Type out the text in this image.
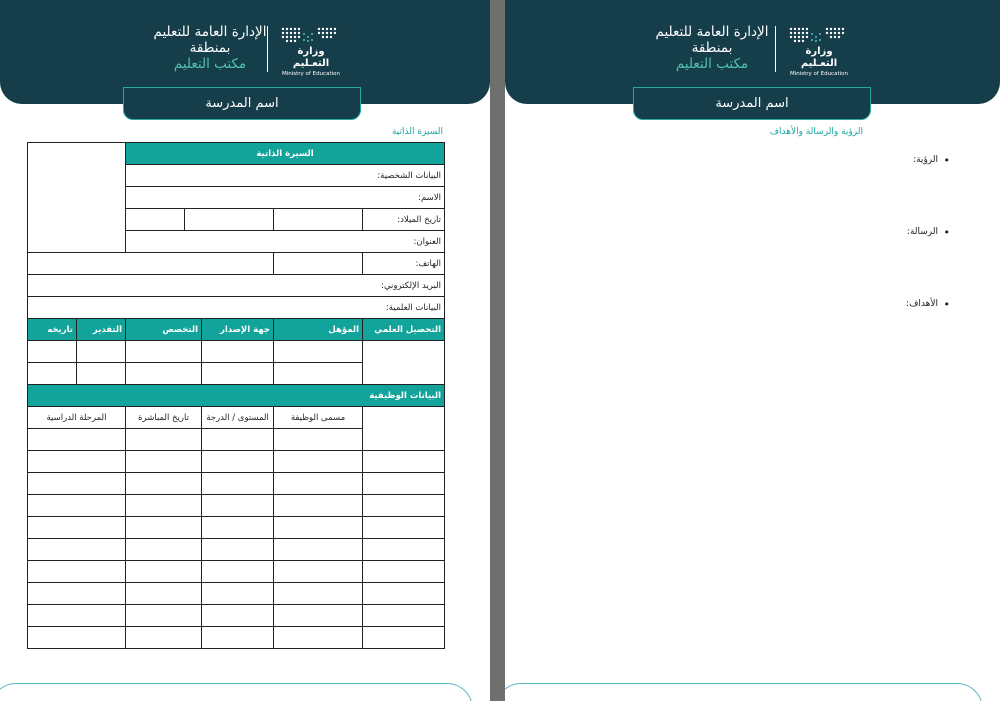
الإدارة العامة للتعليم
بمنطقة
مكتب التعليم
وزارة التعـليم
Ministry of Education
اسم المدرسة
السيرة الذاتية
السيرة الذاتية						
البيانات الشخصية:						
الاسم:						
تاريخ الميلاد:						
العنوان:						
الهاتف:						
البريد الإلكتروني:						
البيانات العلمية:						
التحصيل العلمي	المؤهل	جهة الإصدار	التخصص		التقدير	تاريخه

البيانات الوظيفية						
	مسمى الوظيفة	المستوى / الدرجة	تاريخ المباشرة		المرحلة الدراسية	

الإدارة العامة للتعليم
بمنطقة
مكتب التعليم
وزارة التعـليم
Ministry of Education
اسم المدرسة
الرؤية والرسالة والأهداف
• الرؤية:
• الرسالة:
• الأهداف:
